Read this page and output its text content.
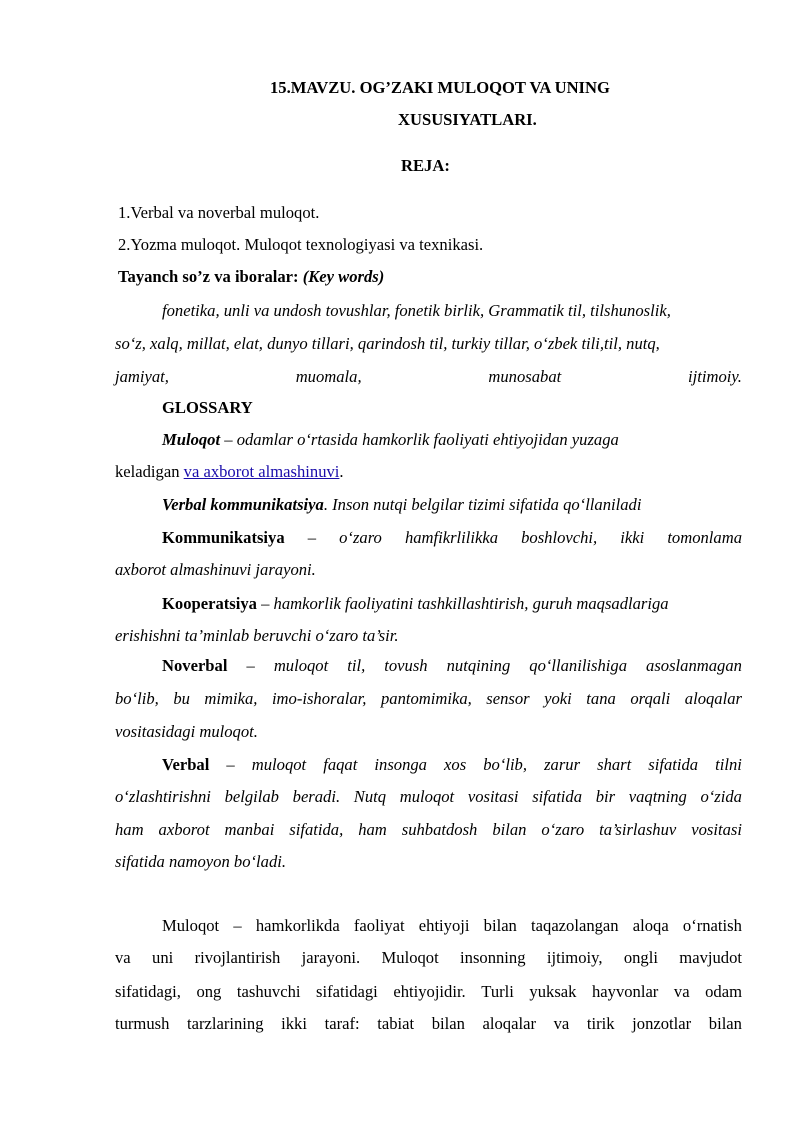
15.MAVZU. OG’ZAKI MULOQOT VA UNING
XUSUSIYATLARI.
REJA:
1.Verbal va noverbal muloqot.
2.Yozma muloqot. Muloqot texnologiyasi va texnikasi.
Tayanch so’z va iboralar: (Key words)
fonetika, unli va undosh tovushlar, fonetik birlik, Grammatik til, tilshunoslik,
so‘z, xalq, millat, elat, dunyo tillari, qarindosh til, turkiy tillar, o‘zbek tili,til, nutq,
jamiyat,	muomala,	munosabat	ijtimoiy.
GLOSSARY
Muloqot – odamlar o‘rtasida hamkorlik faoliyati ehtiyojidan yuzaga
keladigan va axborot almashinuvi.
Verbal kommunikatsiya. Inson nutqi belgilar tizimi sifatida qo‘llaniladi
Kommunikatsiya – o‘zaro hamfikrlilikka boshlovchi, ikki tomonlama
axborot almashinuvi jarayoni.
Kooperatsiya – hamkorlik faoliyatini tashkillashtirish, guruh maqsadlariga
erishishni ta’minlab beruvchi o‘zaro ta’sir.
Noverbal – muloqot til, tovush nutqining qo‘llanilishiga asoslanmagan
bo‘lib, bu mimika, imo-ishoralar, pantomimika, sensor yoki tana orqali aloqalar
vositasidagi muloqot.
Verbal – muloqot faqat insonga xos bo‘lib, zarur shart sifatida tilni
o‘zlashtirishni belgilab beradi. Nutq muloqot vositasi sifatida bir vaqtning o‘zida
ham axborot manbai sifatida, ham suhbatdosh bilan o‘zaro ta’sirlashuv vositasi
sifatida namoyon bo‘ladi.
Muloqot – hamkorlikda faoliyat ehtiyoji bilan taqazolangan aloqa o‘rnatish
va uni rivojlantirish jarayoni. Muloqot insonning ijtimoiy, ongli mavjudot
sifatidagi, ong tashuvchi sifatidagi ehtiyojidir. Turli yuksak hayvonlar va odam
turmush tarzlarining ikki taraf: tabiat bilan aloqalar va tirik jonzotlar bilan
